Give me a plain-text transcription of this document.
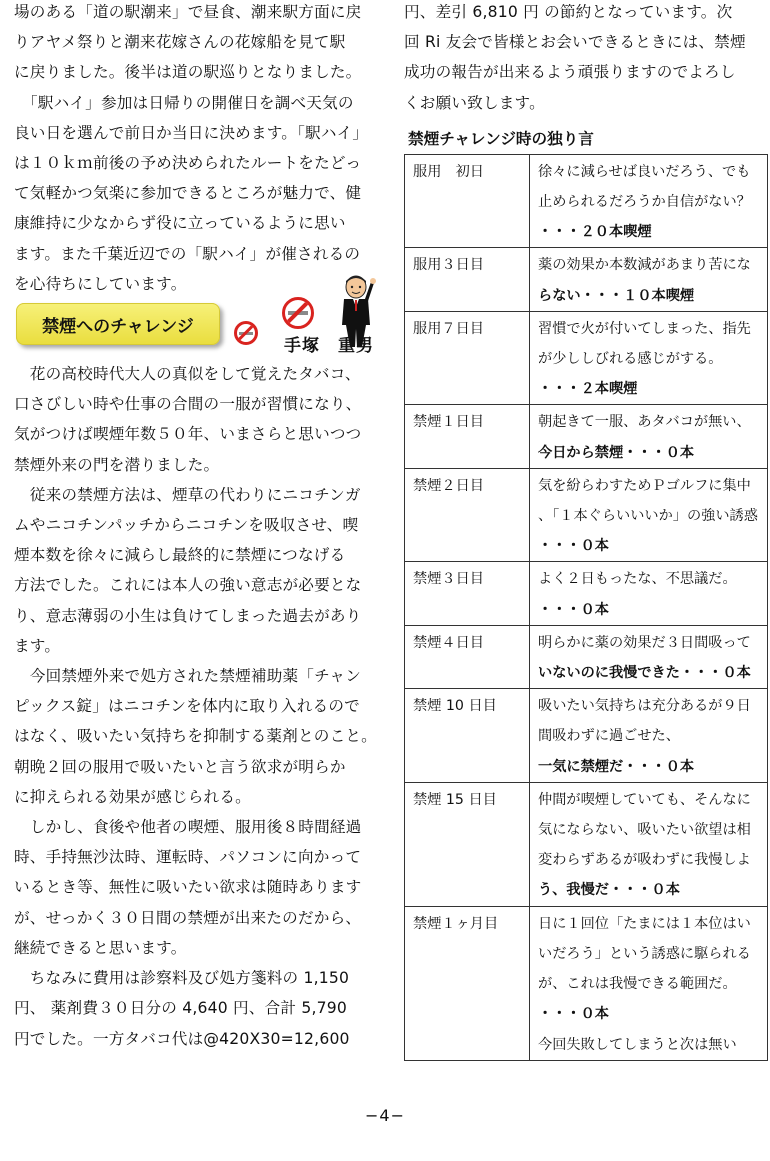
場のある「道の駅潮来」で昼食、潮来駅方面に戻
りアヤメ祭りと潮来花嫁さんの花嫁船を見て駅
に戻りました。後半は道の駅巡りとなりました。

　「駅ハイ」参加は日帰りの開催日を調べ天気の
良い日を選んで前日か当日に決めます。「駅ハイ」
は１０ｋｍ前後の予め決められたルートをたどっ
て気軽かつ気楽に参加できるところが魅力で、健
康維持に少なからず役に立っているように思い
ます。また千葉近辺での「駅ハイ」が催されるの
を心待ちにしています。

禁煙へのチャレンジ
手塚　重男

　花の高校時代大人の真似をして覚えたタバコ、
口さびしい時や仕事の合間の一服が習慣になり、
気がつけば喫煙年数５０年、いまさらと思いつつ
禁煙外来の門を潜りました。

　従来の禁煙方法は、煙草の代わりにニコチンガ
ムやニコチンパッチからニコチンを吸収させ、喫
煙本数を徐々に減らし最終的に禁煙につなげる
方法でした。これには本人の強い意志が必要とな
り、意志薄弱の小生は負けてしまった過去があり
ます。

　今回禁煙外来で処方された禁煙補助薬「チャン
ピックス錠」はニコチンを体内に取り入れるので
はなく、吸いたい気持ちを抑制する薬剤とのこと。
朝晩２回の服用で吸いたいと言う欲求が明らか
に抑えられる効果が感じられる。

　しかし、食後や他者の喫煙、服用後８時間経過
時、手持無沙汰時、運転時、パソコンに向かって
いるとき等、無性に吸いたい欲求は随時あります
が、せっかく３０日間の禁煙が出来たのだから、
継続できると思います。

　ちなみに費用は診察料及び処方箋料の 1,150
円、 薬剤費３０日分の 4,640 円、合計 5,790
円でした。一方タバコ代は@420X30=12,600

円、差引 6,810 円 の節約となっています。次
回 Ri 友会で皆様とお会いできるときには、禁煙
成功の報告が出来るよう頑張りますのでよろし
くお願い致します。

禁煙チャレンジ時の独り言
服用　初日	徐々に減らせば良いだろう、でも
止められるだろうか自信がない？
・・・２０本喫煙

服用３日目	薬の効果か本数減があまり苦にな
らない・・・１０本喫煙

服用７日目	習慣で火が付いてしまった、指先
が少ししびれる感じがする。
・・・２本喫煙

禁煙１日目	朝起きて一服、あタバコが無い、
今日から禁煙・・・０本

禁煙２日目	気を紛らわすためＰゴルフに集中
、「１本ぐらいいいか」の強い誘惑
・・・０本

禁煙３日目	よく２日もったな、不思議だ。
・・・０本

禁煙４日目	明らかに薬の効果だ３日間吸って
いないのに我慢できた・・・０本

禁煙 10 日目	吸いたい気持ちは充分あるが９日
間吸わずに過ごせた、
一気に禁煙だ・・・０本

禁煙 15 日目	仲間が喫煙していても、そんなに
気にならない、吸いたい欲望は相
変わらずあるが吸わずに我慢しよ
う、我慢だ・・・０本

禁煙１ヶ月目	日に１回位「たまには１本位はい
いだろう」という誘惑に駆られる
が、これは我慢できる範囲だ。
・・・０本
今回失敗してしまうと次は無い
−4−
